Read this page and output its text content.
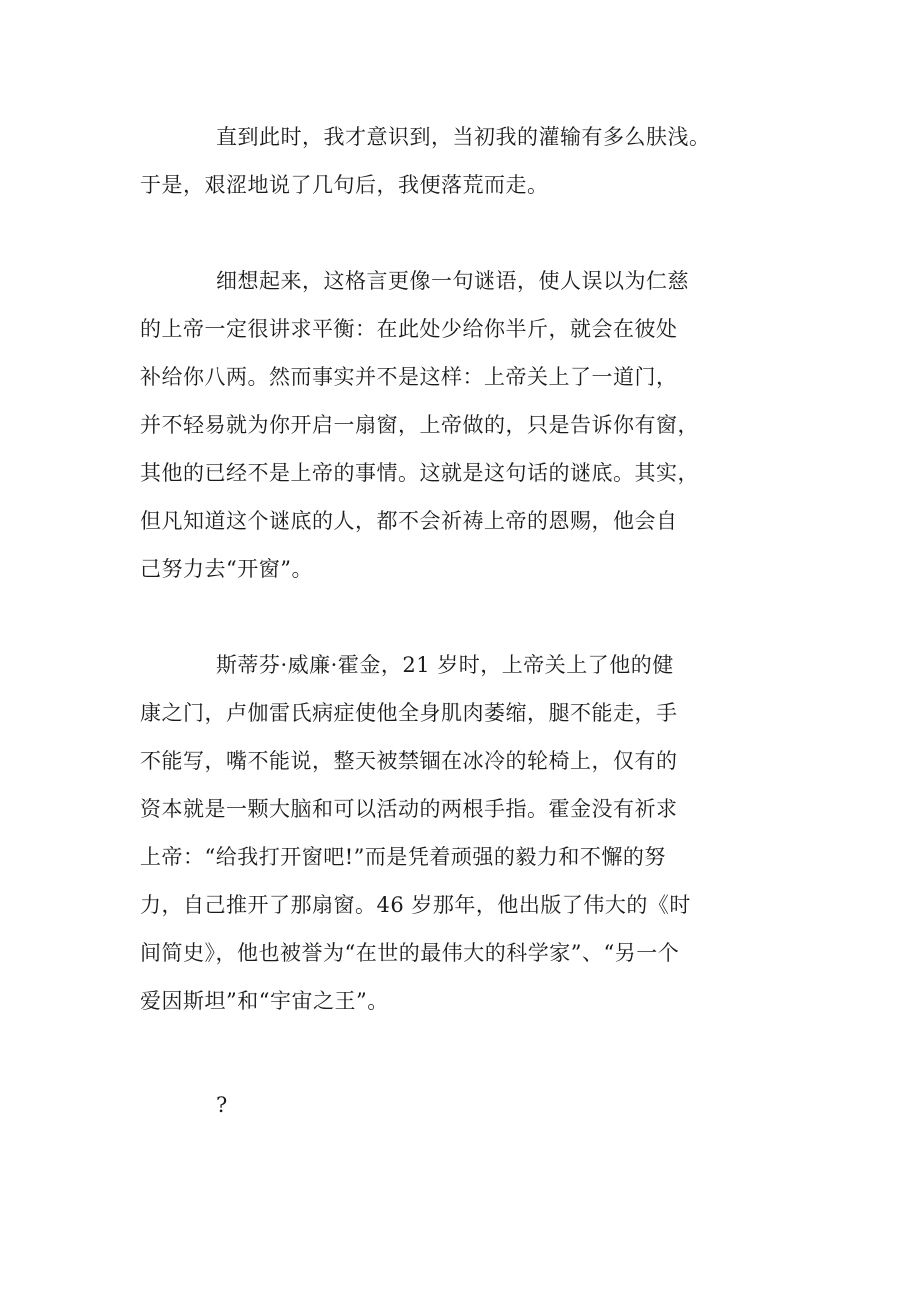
直到此时，我才意识到，当初我的灌输有多么肤浅。
于是，艰涩地说了几句后，我便落荒而走。
细想起来，这格言更像一句谜语，使人误以为仁慈
的上帝一定很讲求平衡：在此处少给你半斤，就会在彼处
补给你八两。然而事实并不是这样：上帝关上了一道门，
并不轻易就为你开启一扇窗，上帝做的，只是告诉你有窗，
其他的已经不是上帝的事情。这就是这句话的谜底。其实，
但凡知道这个谜底的人，都不会祈祷上帝的恩赐，他会自
己努力去“开窗”。
斯蒂芬·威廉·霍金，21 岁时，上帝关上了他的健
康之门，卢伽雷氏病症使他全身肌肉萎缩，腿不能走，手
不能写，嘴不能说，整天被禁锢在冰冷的轮椅上，仅有的
资本就是一颗大脑和可以活动的两根手指。霍金没有祈求
上帝：“给我打开窗吧!”而是凭着顽强的毅力和不懈的努
力，自己推开了那扇窗。46 岁那年，他出版了伟大的《时
间简史》，他也被誉为“在世的最伟大的科学家”、“另一个
爱因斯坦”和“宇宙之王”。
?
